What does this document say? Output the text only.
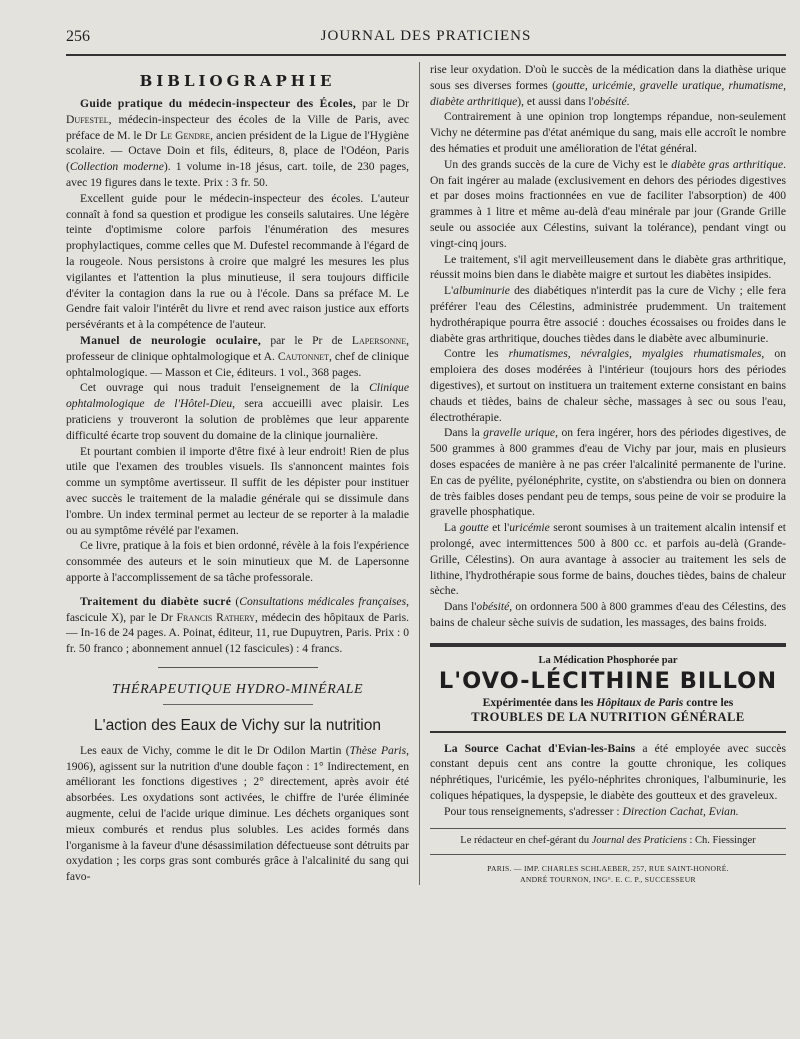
256	JOURNAL DES PRATICIENS
BIBLIOGRAPHIE

Guide pratique du médecin-inspecteur des Écoles, par le Dr Dufestel, médecin-inspecteur des écoles de la Ville de Paris, avec préface de M. le Dr Le Gendre, ancien président de la Ligue de l'Hygiène scolaire. — Octave Doin et fils, éditeurs, 8, place de l'Odéon, Paris (Collection moderne). 1 volume in-18 jésus, cart. toile, de 230 pages, avec 19 figures dans le texte. Prix : 3 fr. 50.

Excellent guide pour le médecin-inspecteur des écoles. L'auteur connaît à fond sa question et prodigue les conseils salutaires. Une légère teinte d'optimisme colore parfois l'énumération des mesures prophylactiques, comme celles que M. Dufestel recommande à l'égard de la rougeole. Nous persistons à croire que malgré les mesures les plus vigilantes et l'attention la plus minutieuse, il sera toujours difficile d'éviter la contagion dans la rue ou à l'école. Dans sa préface M. Le Gendre fait valoir l'intérêt du livre et rend avec raison justice aux efforts persévérants et à la compétence de l'auteur.

Manuel de neurologie oculaire, par le Pr de Lapersonne, professeur de clinique ophtalmologique et A. Cautonnet, chef de clinique ophtalmologique. — Masson et Cie, éditeurs. 1 vol., 368 pages.

Cet ouvrage qui nous traduit l'enseignement de la Clinique ophtalmologique de l'Hôtel-Dieu, sera accueilli avec plaisir. Les praticiens y trouveront la solution de problèmes que leur apparente difficulté écarte trop souvent du domaine de la clinique journalière.

Et pourtant combien il importe d'être fixé à leur endroit! Rien de plus utile que l'examen des troubles visuels. Ils s'annoncent maintes fois comme un symptôme avertisseur. Il suffit de les dépister pour instituer avec succès le traitement de la maladie générale qui se dissimule dans l'ombre. Un index terminal permet au lecteur de se reporter à la maladie ou au symptôme révélé par l'examen.

Ce livre, pratique à la fois et bien ordonné, révèle à la fois l'expérience consommée des auteurs et le soin minutieux que M. de Lapersonne apporte à l'accomplissement de sa tâche professorale.

Traitement du diabète sucré (Consultations médicales françaises, fascicule X), par le Dr Francis Rathery, médecin des hôpitaux de Paris. — In-16 de 24 pages. A. Poinat, éditeur, 11, rue Dupuytren, Paris. Prix : 0 fr. 50 franco ; abonnement annuel (12 fascicules) : 4 francs.

THÉRAPEUTIQUE HYDRO-MINÉRALE
L'action des Eaux de Vichy sur la nutrition

Les eaux de Vichy, comme le dit le Dr Odilon Martin (Thèse Paris, 1906), agissent sur la nutrition d'une double façon : 1° Indirectement, en améliorant les fonctions digestives ; 2° directement, après avoir été absorbées. Les oxydations sont activées, le chiffre de l'urée éliminée augmente, celui de l'acide urique diminue. Les déchets organiques sont mieux comburés et rendus plus solubles. Les acides formés dans l'organisme à la faveur d'une désassimilation défectueuse sont détruits par oxydation ; les corps gras sont comburés grâce à l'alcalinité du sang qui favo-

rise leur oxydation. D'où le succès de la médication dans la diathèse urique sous ses diverses formes (goutte, uricémie, gravelle uratique, rhumatisme, diabète arthritique), et aussi dans l'obésité.

Contrairement à une opinion trop longtemps répandue, non-seulement Vichy ne détermine pas d'état anémique du sang, mais elle accroît le nombre des hématies et produit une amélioration de l'état général.

Un des grands succès de la cure de Vichy est le diabète gras arthritique. On fait ingérer au malade (exclusivement en dehors des périodes digestives et par doses moins fractionnées en vue de faciliter l'absorption) de 400 grammes à 1 litre et même au-delà d'eau minérale par jour (Grande Grille seule ou associée aux Célestins, suivant la tolérance), pendant vingt ou vingt-cinq jours.

Le traitement, s'il agit merveilleusement dans le diabète gras arthritique, réussit moins bien dans le diabète maigre et surtout les diabètes insipides.

L'albuminurie des diabétiques n'interdit pas la cure de Vichy ; elle fera préférer l'eau des Célestins, administrée prudemment. Un traitement hydrothérapique pourra être associé : douches écossaises ou froides dans le diabète gras arthritique, douches tièdes dans le diabète avec albuminurie.

Contre les rhumatismes, névralgies, myalgies rhumatismales, on emploiera des doses modérées à l'intérieur (toujours hors des périodes digestives), et surtout on instituera un traitement externe consistant en bains chauds et tièdes, bains de chaleur sèche, massages à sec ou sous l'eau, électrothérapie.

Dans la gravelle urique, on fera ingérer, hors des périodes digestives, de 500 grammes à 800 grammes d'eau de Vichy par jour, mais en plusieurs doses espacées de manière à ne pas créer l'alcalinité permanente de l'urine. En cas de pyélite, pyélonéphrite, cystite, on s'abstiendra ou bien on donnera de très faibles doses pendant peu de temps, sous peine de voir se produire la gravelle phosphatique.

La goutte et l'uricémie seront soumises à un traitement alcalin intensif et prolongé, avec intermittences 500 à 800 cc. et parfois au-delà (Grande-Grille, Célestins). On aura avantage à associer au traitement les sels de lithine, l'hydrothérapie sous forme de bains, douches tièdes, bains de chaleur sèche.

Dans l'obésité, on ordonnera 500 à 800 grammes d'eau des Célestins, des bains de chaleur sèche suivis de sudation, les massages, des bains froids.

La Médication Phosphorée par
L'OVO-LÉCITHINE BILLON
Expérimentée dans les Hôpitaux de Paris contre les
TROUBLES DE LA NUTRITION GÉNÉRALE

La Source Cachat d'Evian-les-Bains a été employée avec succès constant depuis cent ans contre la goutte chronique, les coliques néphrétiques, l'uricémie, les pyélo-néphrites chroniques, l'albuminurie, les coliques hépatiques, la dyspepsie, le diabète des goutteux et des graveleux.

Pour tous renseignements, s'adresser : Direction Cachat, Evian.

Le rédacteur en chef-gérant du Journal des Praticiens : Ch. Fiessinger
PARIS. — IMP. CHARLES SCHLAEBER, 257, RUE SAINT-HONORÉ.
ANDRÉ TOURNON, ING°. E. C. P., SUCCESSEUR
